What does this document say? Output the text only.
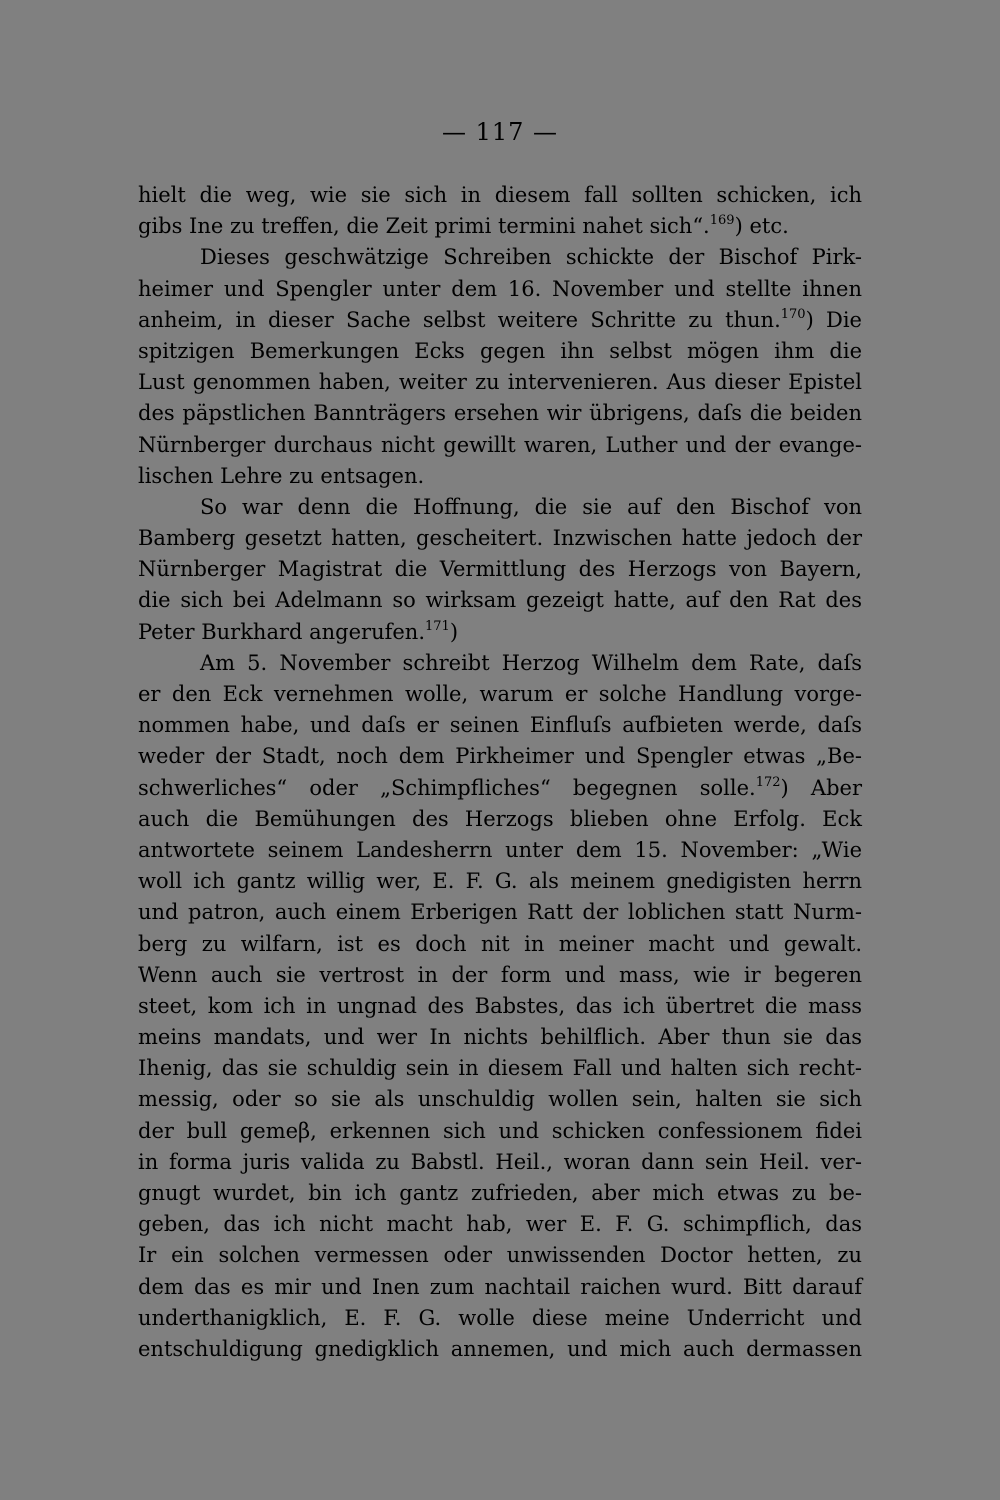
— 117 —
hielt die weg, wie sie sich in diesem fall sollten schicken, ich
gibs Ine zu treffen, die Zeit primi termini nahet sich“.$^{169}$) etc.
Dieses geschwätzige Schreiben schickte der Bischof Pirk-
heimer und Spengler unter dem 16. November und stellte ihnen
anheim, in dieser Sache selbst weitere Schritte zu thun.$^{170}$) Die
spitzigen Bemerkungen Ecks gegen ihn selbst mögen ihm die
Lust genommen haben, weiter zu intervenieren. Aus dieser Epistel
des päpstlichen Bannträgers ersehen wir übrigens, daſs die beiden
Nürnberger durchaus nicht gewillt waren, Luther und der evange-
lischen Lehre zu entsagen.
So war denn die Hoffnung, die sie auf den Bischof von
Bamberg gesetzt hatten, gescheitert. Inzwischen hatte jedoch der
Nürnberger Magistrat die Vermittlung des Herzogs von Bayern,
die sich bei Adelmann so wirksam gezeigt hatte, auf den Rat des
Peter Burkhard angerufen.$^{171}$)
Am 5. November schreibt Herzog Wilhelm dem Rate, daſs
er den Eck vernehmen wolle, warum er solche Handlung vorge-
nommen habe, und daſs er seinen Einfluſs aufbieten werde, daſs
weder der Stadt, noch dem Pirkheimer und Spengler etwas „Be-
schwerliches“ oder „Schimpfliches“ begegnen solle.$^{172}$) Aber
auch die Bemühungen des Herzogs blieben ohne Erfolg. Eck
antwortete seinem Landesherrn unter dem 15. November: „Wie
woll ich gantz willig wer, E. F. G. als meinem gnedigisten herrn
und patron, auch einem Erberigen Ratt der loblichen statt Nurm-
berg zu wilfarn, ist es doch nit in meiner macht und gewalt.
Wenn auch sie vertrost in der form und mass, wie ir begeren
steet, kom ich in ungnad des Babstes, das ich übertret die mass
meins mandats, und wer In nichts behilflich. Aber thun sie das
Ihenig, das sie schuldig sein in diesem Fall und halten sich recht-
messig, oder so sie als unschuldig wollen sein, halten sie sich
der bull gemeβ, erkennen sich und schicken confessionem fidei
in forma juris valida zu Babstl. Heil., woran dann sein Heil. ver-
gnugt wurdet, bin ich gantz zufrieden, aber mich etwas zu be-
geben, das ich nicht macht hab, wer E. F. G. schimpflich, das
Ir ein solchen vermessen oder unwissenden Doctor hetten, zu
dem das es mir und Inen zum nachtail raichen wurd. Bitt darauf
underthanigklich, E. F. G. wolle diese meine Underricht und
entschuldigung gnedigklich annemen, und mich auch dermassen
